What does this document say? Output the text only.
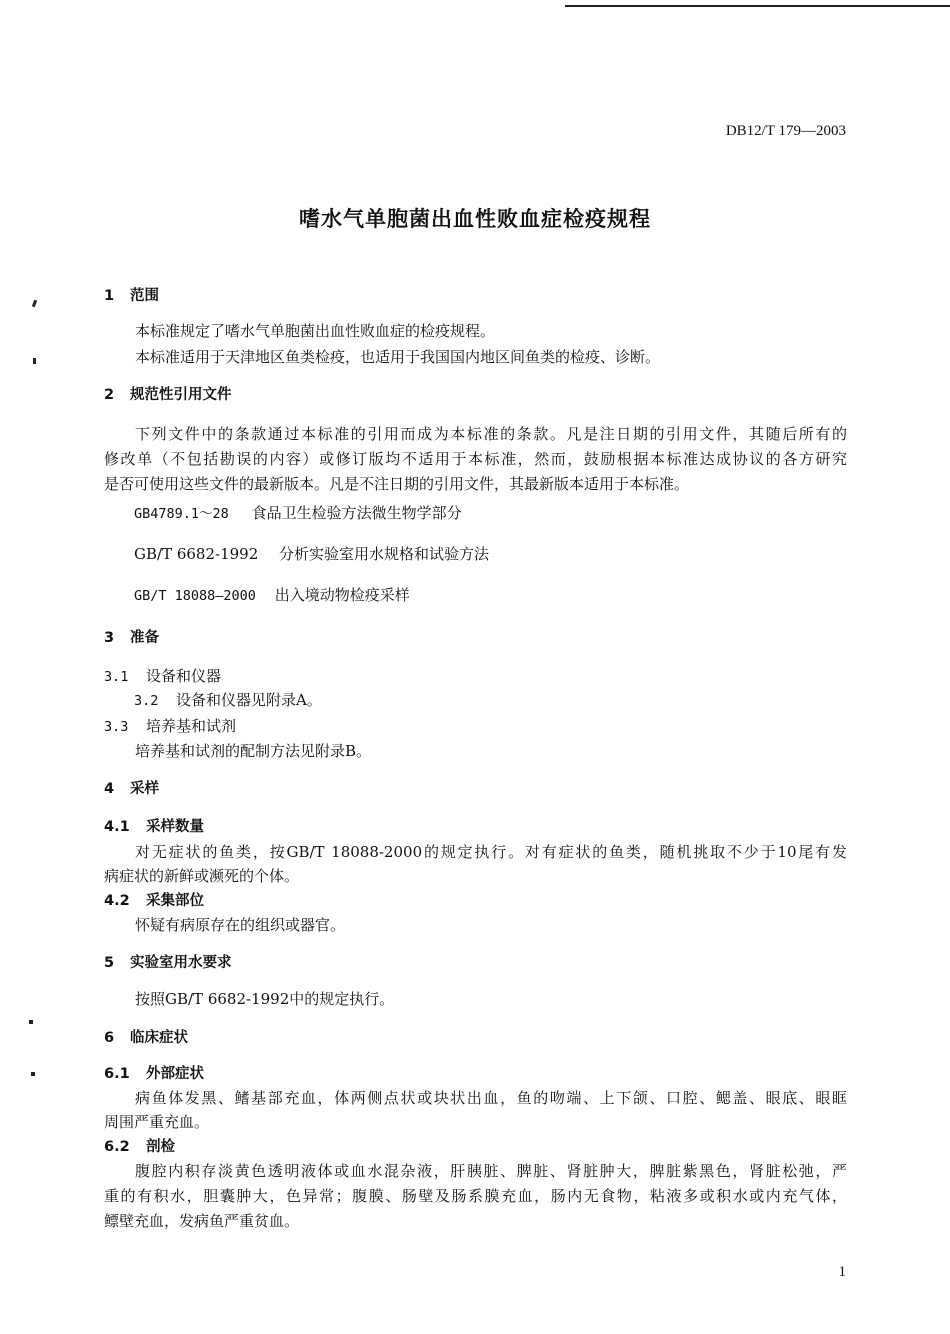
DB12/T 179—2003
嗜水气单胞菌出血性败血症检疫规程
1 范围
本标准规定了嗜水气单胞菌出血性败血症的检疫规程。
本标准适用于天津地区鱼类检疫，也适用于我国国内地区间鱼类的检疫、诊断。
2 规范性引用文件
下列文件中的条款通过本标准的引用而成为本标准的条款。凡是注日期的引用文件，其随后所有的
修改单（不包括勘误的内容）或修订版均不适用于本标准，然而，鼓励根据本标准达成协议的各方研究
是否可使用这些文件的最新版本。凡是不注日期的引用文件，其最新版本适用于本标准。
GB4789.1～28 食品卫生检验方法微生物学部分
GB/T 6682-1992 分析实验室用水规格和试验方法
GB/T 18088—2000 出入境动物检疫采样
3 准备
3.1 设备和仪器
3.2 设备和仪器见附录A。
3.3 培养基和试剂
培养基和试剂的配制方法见附录B。
4 采样
4.1 采样数量
对无症状的鱼类，按GB/T 18088-2000的规定执行。对有症状的鱼类，随机挑取不少于10尾有发
病症状的新鲜或濒死的个体。
4.2 采集部位
怀疑有病原存在的组织或器官。
5 实验室用水要求
按照GB/T 6682-1992中的规定执行。
6 临床症状
6.1 外部症状
病鱼体发黑、鳍基部充血，体两侧点状或块状出血，鱼的吻端、上下颌、口腔、鳃盖、眼底、眼眶
周围严重充血。
6.2 剖检
腹腔内积存淡黄色透明液体或血水混杂液，肝胰脏、脾脏、肾脏肿大，脾脏紫黑色，肾脏松弛，严
重的有积水，胆囊肿大，色异常；腹膜、肠壁及肠系膜充血，肠内无食物，粘液多或积水或内充气体，
鳔壁充血，发病鱼严重贫血。
1
